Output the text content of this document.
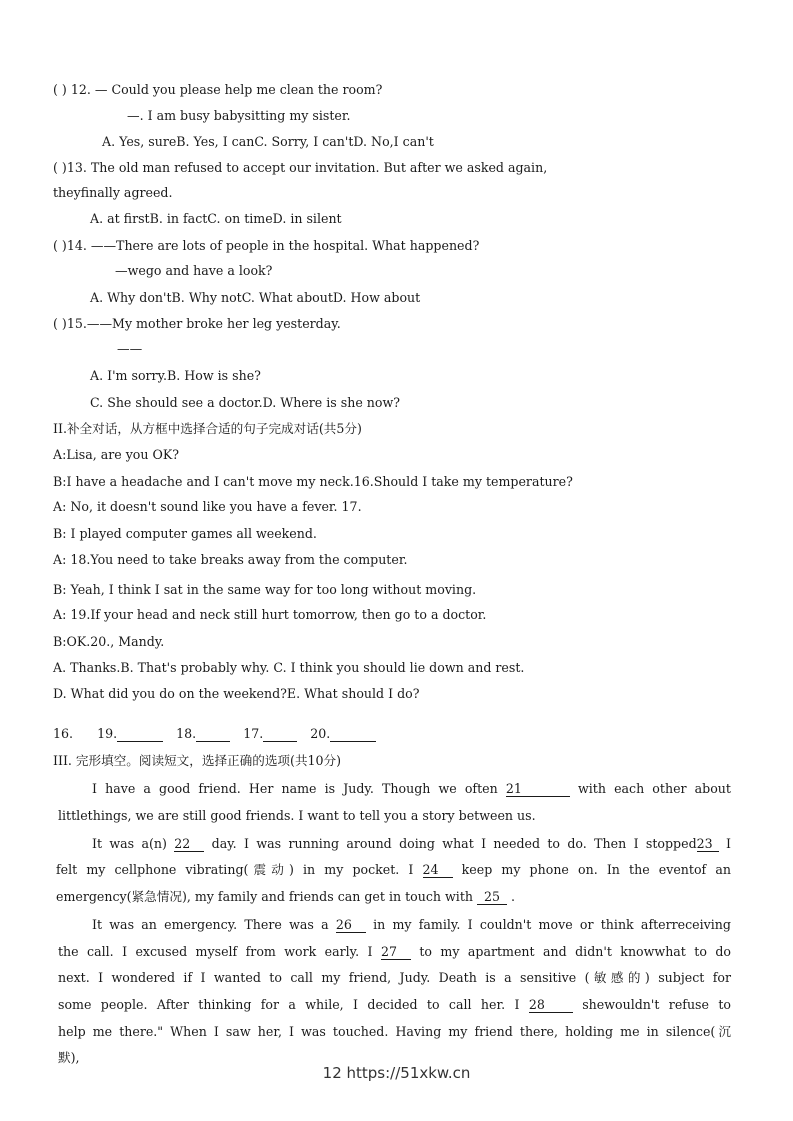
( ) 12. — Could you please help me clean the room?
—. I am busy babysitting my sister.
A. Yes, sureB. Yes, I canC. Sorry, I can'tD. No,I can't
( )13. The old man refused to accept our invitation. But after we asked again,
theyfinally agreed.
A. at firstB. in factC. on timeD. in silent
( )14. ——There are lots of people in the hospital. What happened?
—wego and have a look?
A. Why don'tB. Why notC. What aboutD. How about
( )15.——My mother broke her leg yesterday.
——
A. I'm sorry.B. How is she?
C. She should see a doctor.D. Where is she now?
II.补全对话，从方框中选择合适的句子完成对话(共5分)
A:Lisa, are you OK?
B:I have a headache and I can't move my neck.16.Should I take my temperature?
A: No, it doesn't sound like you have a fever. 17.
B: I played computer games all weekend.
A: 18.You need to take breaks away from the computer.
B: Yeah, I think I sat in the same way for too long without moving.
A: 19.If your head and neck still hurt tomorrow, then go to a doctor.
B:OK.20., Mandy.
A. Thanks.B. That's probably why. C. I think you should lie down and rest.
D. What did you do on the weekend?E. What should I do?
16. 19.	18.	17.	20.
III. 完形填空。阅读短文，选择正确的选项(共10分)
I have a good friend. Her name is Judy. Though we often 21	with each other about
littlethings, we are still good friends. I want to tell you a story between us.
It was a(n) 22 day. I was running around doing what I needed to do. Then I stopped23 I
felt my cellphone vibrating(震动) in my pocket. I 24 keep my phone on. In the eventof an
emergency(紧急情况), my family and friends can get in touch with 25 .
It was an emergency. There was a 26 in my family. I couldn't move or think afterreceiving
the call. I excused myself from work early. I 27 to my apartment and didn't knowwhat to do
next. I wondered if I wanted to call my friend, Judy. Death is a sensitive (敏感的) subject for
some people. After thinking for a while, I decided to call her. I 28	shewouldn't refuse to
help me there." When I saw her, I was touched. Having my friend there, holding me in silence(沉
默),
12 https://51xkw.cn
